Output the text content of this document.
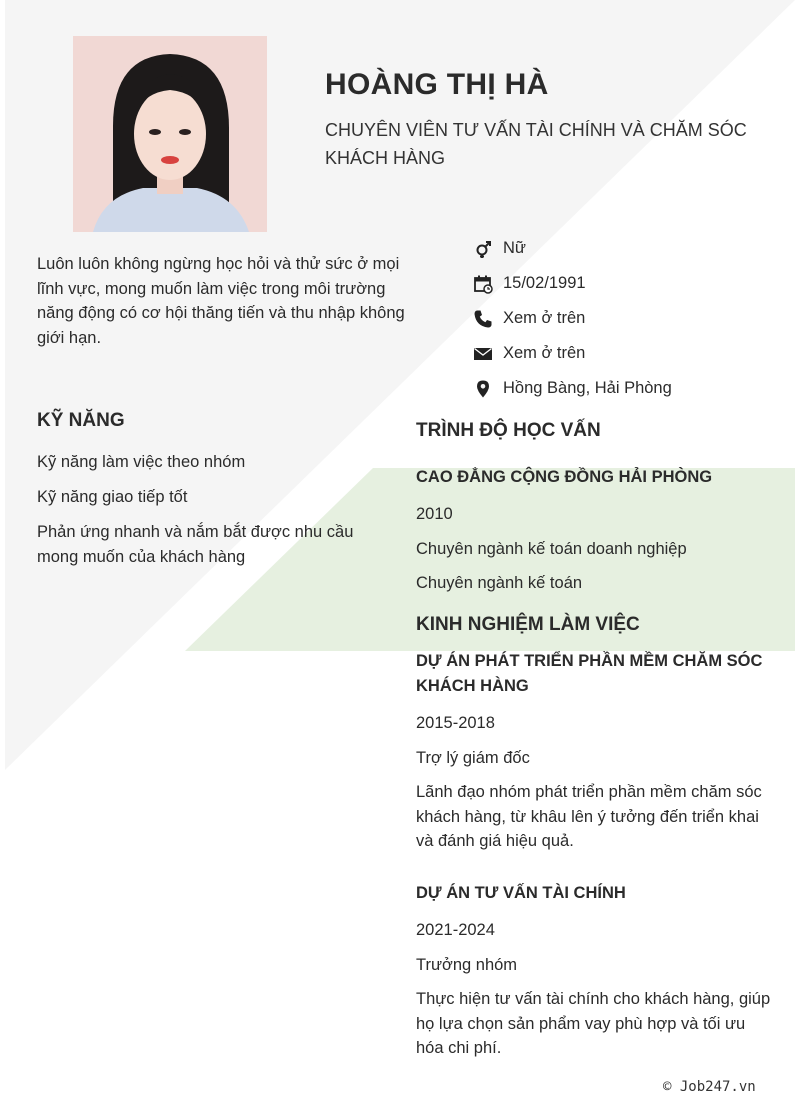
HOÀNG THỊ HÀ
CHUYÊN VIÊN TƯ VẤN TÀI CHÍNH VÀ CHĂM SÓC KHÁCH HÀNG
Luôn luôn không ngừng học hỏi và thử sức ở mọi lĩnh vực, mong muốn làm việc trong môi trường năng động có cơ hội thăng tiến và thu nhập không giới hạn.
Nữ
15/02/1991
Xem ở trên
Xem ở trên
Hồng Bàng, Hải Phòng
KỸ NĂNG
Kỹ năng làm việc theo nhóm
Kỹ năng giao tiếp tốt
Phản ứng nhanh và nắm bắt được nhu cầu mong muốn của khách hàng
TRÌNH ĐỘ HỌC VẤN
CAO ĐẲNG CỘNG ĐỒNG HẢI PHÒNG
2010
Chuyên ngành kế toán doanh nghiệp
Chuyên ngành kế toán
KINH NGHIỆM LÀM VIỆC
DỰ ÁN PHÁT TRIỂN PHẦN MỀM CHĂM SÓC KHÁCH HÀNG
2015-2018
Trợ lý giám đốc
Lãnh đạo nhóm phát triển phần mềm chăm sóc khách hàng, từ khâu lên ý tưởng đến triển khai và đánh giá hiệu quả.
DỰ ÁN TƯ VẤN TÀI CHÍNH
2021-2024
Trưởng nhóm
Thực hiện tư vấn tài chính cho khách hàng, giúp họ lựa chọn sản phẩm vay phù hợp và tối ưu hóa chi phí.
© Job247.vn
